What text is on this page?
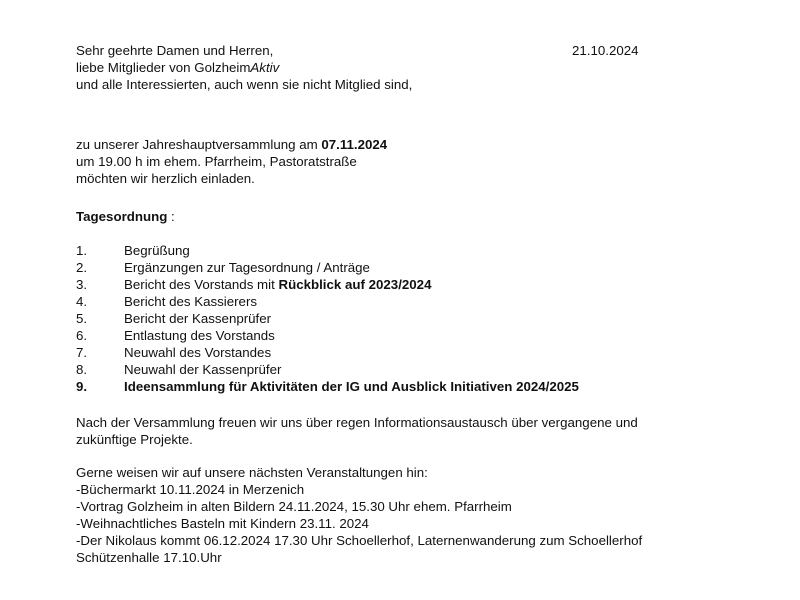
21.10.2024
Sehr geehrte Damen und Herren,
liebe Mitglieder von GolzheimAktiv
und alle Interessierten, auch wenn sie nicht Mitglied sind,
zu unserer Jahreshauptversammlung am 07.11.2024
um 19.00 h im ehem. Pfarrheim, Pastoratstraße
möchten wir herzlich einladen.
Tagesordnung :
1.	Begrüßung
2.	Ergänzungen zur Tagesordnung / Anträge
3.	Bericht des Vorstands mit Rückblick auf 2023/2024
4.	Bericht des Kassierers
5.	Bericht der Kassenprüfer
6.	Entlastung des Vorstands
7.	Neuwahl des Vorstandes
8.	Neuwahl der Kassenprüfer
9.	Ideensammlung für Aktivitäten der IG und Ausblick Initiativen 2024/2025
Nach der Versammlung freuen wir uns über regen Informationsaustausch über vergangene und
zukünftige Projekte.
Gerne weisen wir auf unsere nächsten Veranstaltungen hin:
-Büchermarkt 10.11.2024 in Merzenich
-Vortrag Golzheim in alten Bildern 24.11.2024, 15.30 Uhr ehem. Pfarrheim
-Weihnachtliches Basteln mit Kindern 23.11. 2024
-Der Nikolaus kommt 06.12.2024 17.30 Uhr Schoellerhof, Laternenwanderung zum Schoellerhof
Schützenhalle 17.10.Uhr
